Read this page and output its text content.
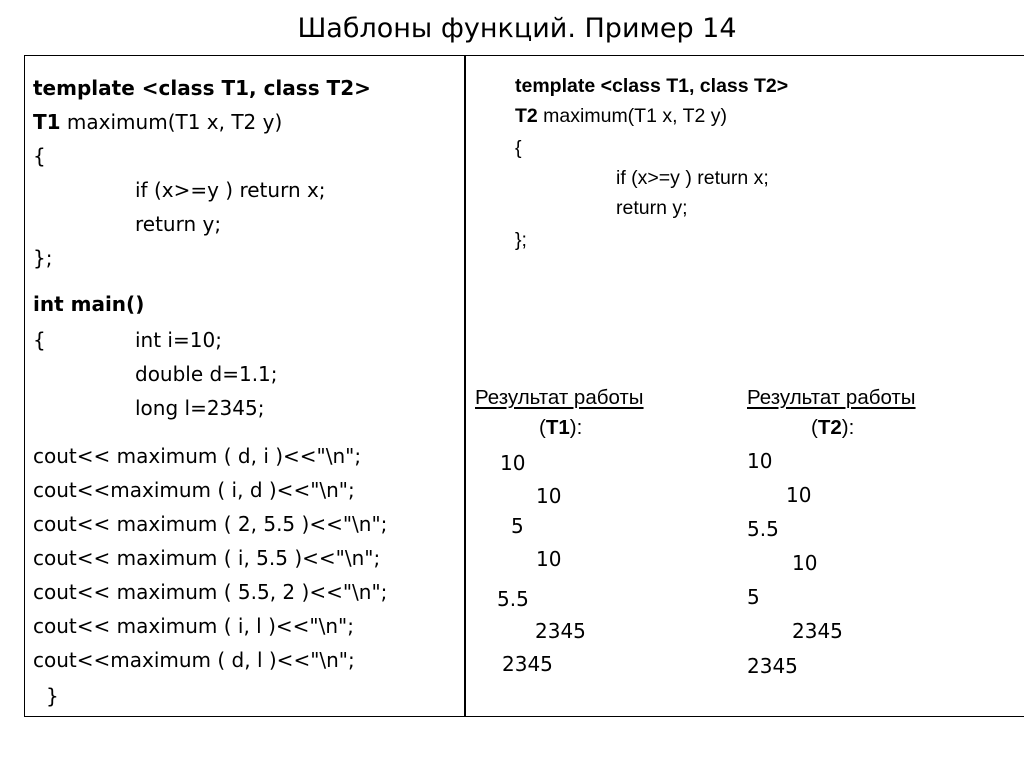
Шаблоны функций. Пример 14
template <class T1, class T2>
T1 maximum(T1 x, T2 y)
{
if (x>=y ) return x;
return y;
};
int main()
{	int i=10;
double d=1.1;
long l=2345;
cout<< maximum ( d, i )<<"\n";
cout<<maximum ( i, d )<<"\n";
cout<< maximum ( 2, 5.5 )<<"\n";
cout<< maximum ( i, 5.5 )<<"\n";
cout<< maximum ( 5.5, 2 )<<"\n";
cout<< maximum ( i, l )<<"\n";
cout<<maximum ( d, l )<<"\n";
}
template <class T1, class T2>
T2 maximum(T1 x, T2 y)
{
if (x>=y ) return x;
return y;
};
Результат работы
(T1):
10
10
5
10
5.5
2345
2345
Результат работы
(T2):
10
10
5.5
10
5
2345
2345
